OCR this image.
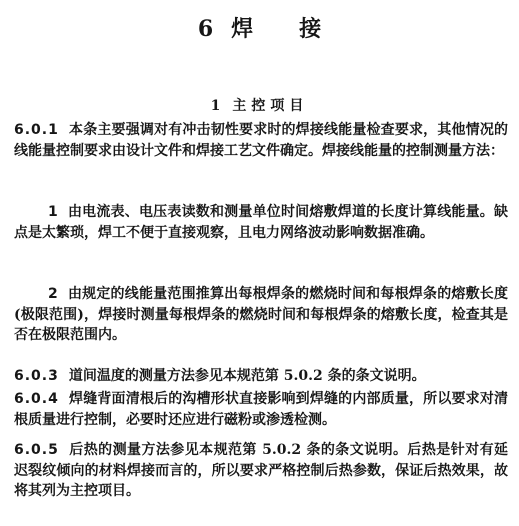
6 焊 接
1 主控项目
6.0.1 本条主要强调对有冲击韧性要求时的焊接线能量检查要求，其他情况的线能量控制要求由设计文件和焊接工艺文件确定。焊接线能量的控制测量方法：
1 由电流表、电压表读数和测量单位时间熔敷焊道的长度计算线能量。缺点是太繁琐，焊工不便于直接观察，且电力网络波动影响数据准确。
2 由规定的线能量范围推算出每根焊条的燃烧时间和每根焊条的熔敷长度(极限范围)，焊接时测量每根焊条的燃烧时间和每根焊条的熔敷长度，检查其是否在极限范围内。
6.0.3 道间温度的测量方法参见本规范第 5.0.2 条的条文说明。
6.0.4 焊缝背面清根后的沟槽形状直接影响到焊缝的内部质量，所以要求对清根质量进行控制，必要时还应进行磁粉或渗透检测。
6.0.5 后热的测量方法参见本规范第 5.0.2 条的条文说明。后热是针对有延迟裂纹倾向的材料焊接而言的，所以要求严格控制后热参数，保证后热效果，故将其列为主控项目。
